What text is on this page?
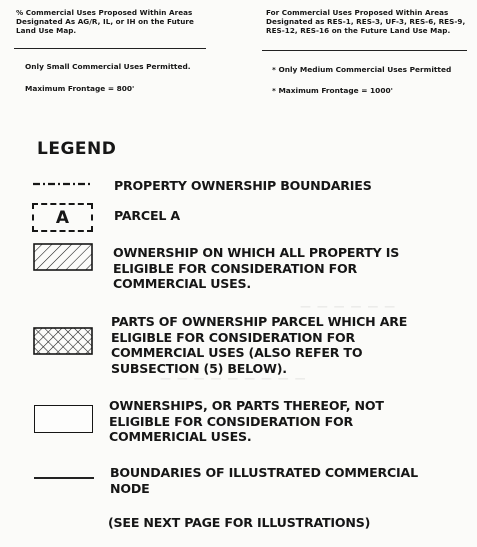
— — — — — —
— — — — — — — — —
% Commercial Uses Proposed Within Areas
Designated As AG/R, IL, or IH on the Future
Land Use Map.
For Commercial Uses Proposed Within Areas
Designated as RES-1, RES-3, UF-3, RES-6, RES-9,
RES-12, RES-16 on the Future Land Use Map.
Only Small Commercial Uses Permitted.
Maximum Frontage = 800'
* Only Medium Commercial Uses Permitted
* Maximum Frontage = 1000'
LEGEND
PROPERTY OWNERSHIP BOUNDARIES
A	PARCEL A
OWNERSHIP ON WHICH ALL PROPERTY IS
ELIGIBLE FOR CONSIDERATION FOR
COMMERCIAL USES.
PARTS OF OWNERSHIP PARCEL WHICH ARE
ELIGIBLE FOR CONSIDERATION FOR
COMMERCIAL USES (ALSO REFER TO
SUBSECTION (5) BELOW).
OWNERSHIPS, OR PARTS THEREOF, NOT
ELIGIBLE FOR CONSIDERATION FOR
COMMERICIAL USES.
BOUNDARIES OF ILLUSTRATED COMMERCIAL
NODE
(SEE NEXT PAGE FOR ILLUSTRATIONS)
